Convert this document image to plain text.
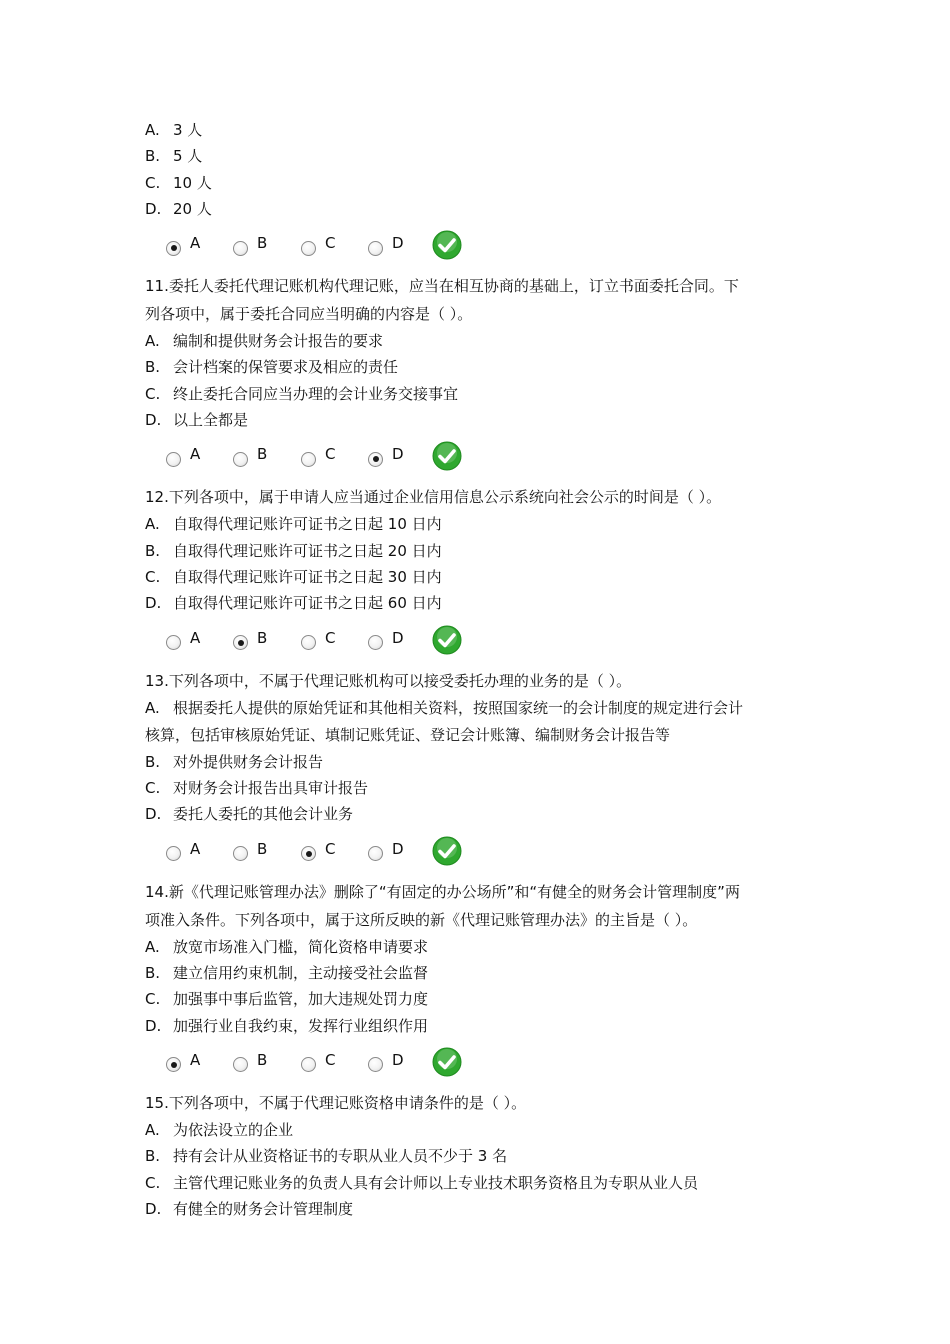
A. 3 人
B. 5 人
C. 10 人
D. 20 人
A	B	C	D
11.委托人委托代理记账机构代理记账，应当在相互协商的基础上，订立书面委托合同。下
列各项中，属于委托合同应当明确的内容是（ ）。
A. 编制和提供财务会计报告的要求
B. 会计档案的保管要求及相应的责任
C. 终止委托合同应当办理的会计业务交接事宜
D. 以上全都是
A	B	C	D
12.下列各项中，属于申请人应当通过企业信用信息公示系统向社会公示的时间是（ ）。
A. 自取得代理记账许可证书之日起 10 日内
B. 自取得代理记账许可证书之日起 20 日内
C. 自取得代理记账许可证书之日起 30 日内
D. 自取得代理记账许可证书之日起 60 日内
A	B	C	D
13.下列各项中，不属于代理记账机构可以接受委托办理的业务的是（ ）。
A. 根据委托人提供的原始凭证和其他相关资料，按照国家统一的会计制度的规定进行会计
核算，包括审核原始凭证、填制记账凭证、登记会计账簿、编制财务会计报告等
B. 对外提供财务会计报告
C. 对财务会计报告出具审计报告
D. 委托人委托的其他会计业务
A	B	C	D
14.新《代理记账管理办法》删除了“有固定的办公场所”和“有健全的财务会计管理制度”两
项准入条件。下列各项中，属于这所反映的新《代理记账管理办法》的主旨是（ ）。
A. 放宽市场准入门槛，简化资格申请要求
B. 建立信用约束机制，主动接受社会监督
C. 加强事中事后监管，加大违规处罚力度
D. 加强行业自我约束，发挥行业组织作用
A	B	C	D
15.下列各项中，不属于代理记账资格申请条件的是（ ）。
A. 为依法设立的企业
B. 持有会计从业资格证书的专职从业人员不少于 3 名
C. 主管代理记账业务的负责人具有会计师以上专业技术职务资格且为专职从业人员
D. 有健全的财务会计管理制度
